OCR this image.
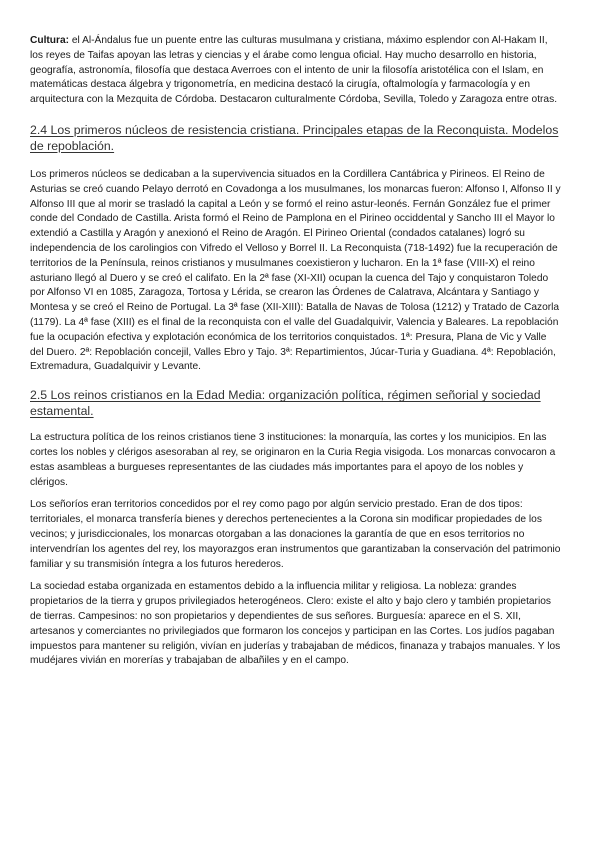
Cultura: el Al-Ándalus fue un puente entre las culturas musulmana y cristiana, máximo esplendor con Al-Hakam II, los reyes de Taifas apoyan las letras y ciencias y el árabe como lengua oficial. Hay mucho desarrollo en historia, geografía, astronomía, filosofía que destaca Averroes con el intento de unir la filosofía aristotélica con el Islam, en matemáticas destaca álgebra y trigonometría, en medicina destacó la cirugía, oftalmología y farmacología y en arquitectura con la Mezquita de Córdoba. Destacaron culturalmente Córdoba, Sevilla, Toledo y Zaragoza entre otras.

2.4 Los primeros núcleos de resistencia cristiana. Principales etapas de la Reconquista. Modelos de repoblación.

Los primeros núcleos se dedicaban a la supervivencia situados en la Cordillera Cantábrica y Pirineos. El Reino de Asturias se creó cuando Pelayo derrotó en Covadonga a los musulmanes, los monarcas fueron: Alfonso I, Alfonso II y Alfonso III que al morir se trasladó la capital a León y se formó el reino astur-leonés. Fernán González fue el primer conde del Condado de Castilla. Arista formó el Reino de Pamplona en el Pirineo occiddental y Sancho III el Mayor lo extendió a Castilla y Aragón y anexionó el Reino de Aragón. El Pirineo Oriental (condados catalanes) logró su independencia de los carolingios con Vifredo el Velloso y Borrel II. La Reconquista (718-1492) fue la recuperación de territorios de la Península, reinos cristianos y musulmanes coexistieron y lucharon. En la 1ª fase (VIII-X) el reino asturiano llegó al Duero y se creó el califato. En la 2ª fase (XI-XII) ocupan la cuenca del Tajo y conquistaron Toledo por Alfonso VI en 1085, Zaragoza, Tortosa y Lérida, se crearon las Órdenes de Calatrava, Alcántara y Santiago y Montesa y se creó el Reino de Portugal. La 3ª fase (XII-XIII): Batalla de Navas de Tolosa (1212) y Tratado de Cazorla (1179). La 4ª fase (XIII) es el final de la reconquista con el valle del Guadalquivir, Valencia y Baleares. La repoblación fue la ocupación efectiva y explotación económica de los territorios conquistados. 1ª: Presura, Plana de Vic y Valle del Duero. 2ª: Repoblación concejil, Valles Ebro y Tajo. 3ª: Repartimientos, Júcar-Turia y Guadiana. 4ª: Repoblación, Extremadura, Guadalquivir y Levante.

2.5 Los reinos cristianos en la Edad Media: organización política, régimen señorial y sociedad estamental.

La estructura política de los reinos cristianos tiene 3 instituciones: la monarquía, las cortes y los municipios. En las cortes los nobles y clérigos asesoraban al rey, se originaron en la Curia Regia visigoda. Los monarcas convocaron a estas asambleas a burgueses representantes de las ciudades más importantes para el apoyo de los nobles y clérigos.

Los señoríos eran territorios concedidos por el rey como pago por algún servicio prestado. Eran de dos tipos: territoriales, el monarca transfería bienes y derechos pertenecientes a la Corona sin modificar propiedades de los vecinos; y jurisdiccionales, los monarcas otorgaban a las donaciones la garantía de que en esos territorios no intervendrían los agentes del rey, los mayorazgos eran instrumentos que garantizaban la conservación del patrimonio familiar y su transmisión íntegra a los futuros herederos.

La sociedad estaba organizada en estamentos debido a la influencia militar y religiosa. La nobleza: grandes propietarios de la tierra y grupos privilegiados heterogéneos. Clero: existe el alto y bajo clero y también propietarios de tierras. Campesinos: no son propietarios y dependientes de sus señores. Burguesía: aparece en el S. XII, artesanos y comerciantes no privilegiados que formaron los concejos y participan en las Cortes. Los judíos pagaban impuestos para mantener su religión, vivían en juderías y trabajaban de médicos, finanaza y trabajos manuales. Y los mudéjares vivián en morerías y trabajaban de albañiles y en el campo.
